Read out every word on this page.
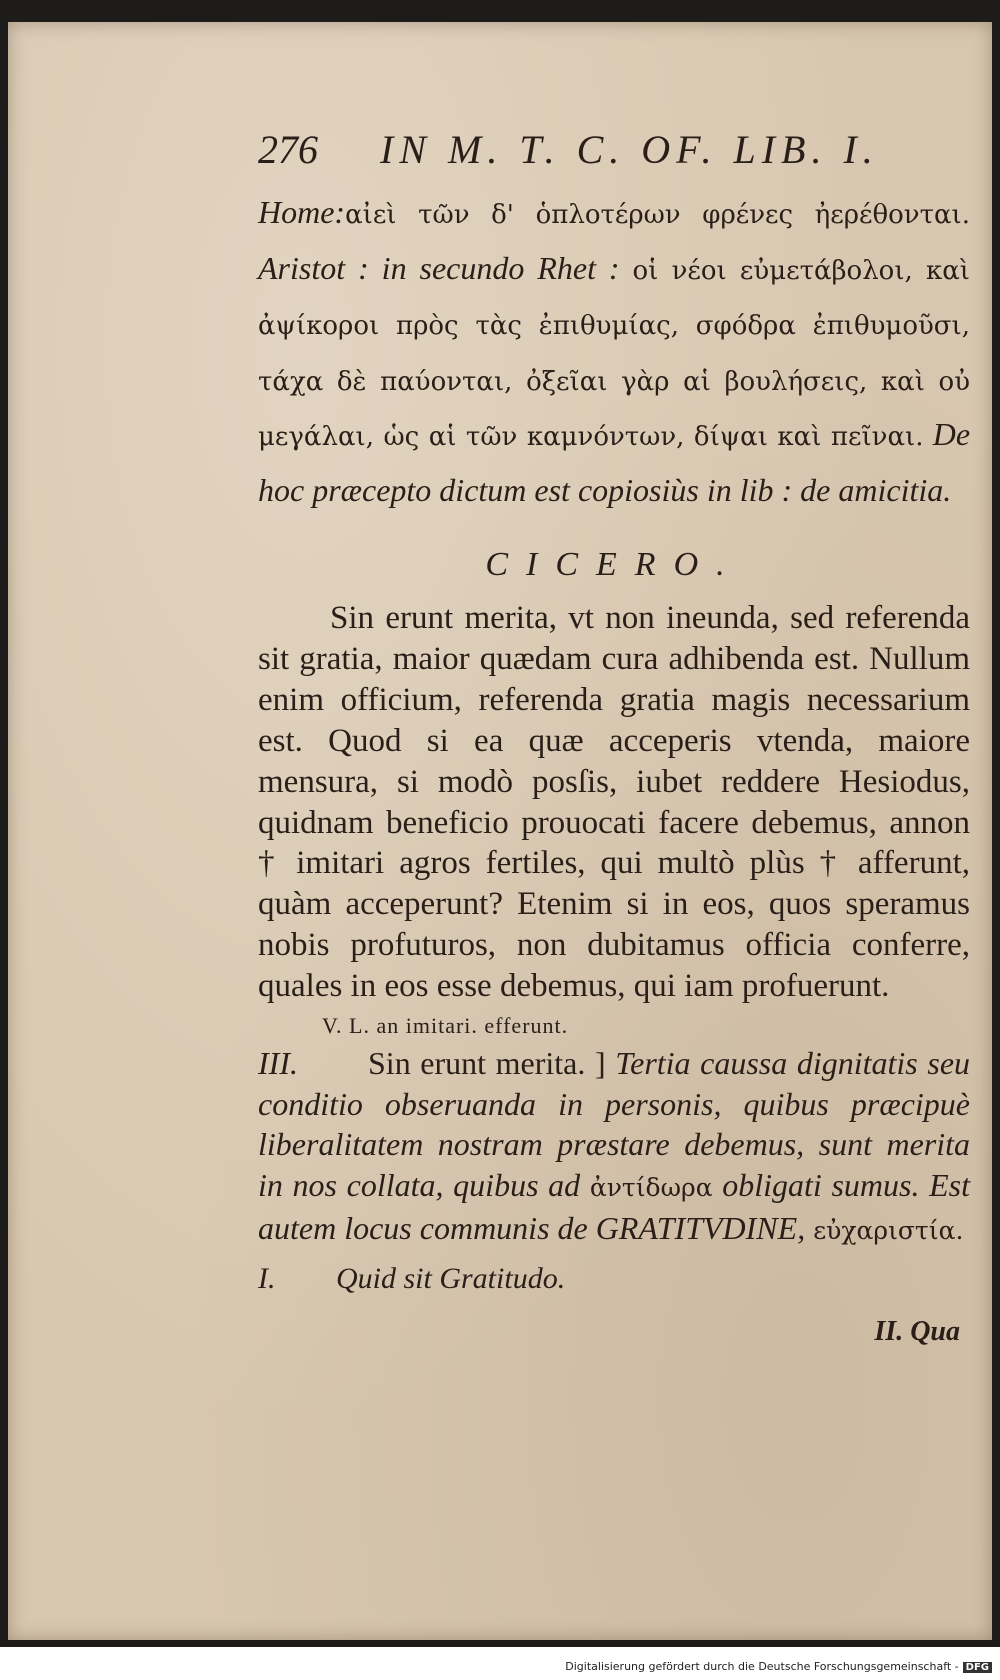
276 IN M. T. C. OF. LIB. I.

Home:αἰεὶ τῶν δ' ὁπλοτέρων φρένες ἠερέθονται. Aristot : in secundo Rhet : οἱ νέοι εὐμετάβολοι, καὶ ἀψίκοροι πρὸς τὰς ἐπιθυμίας, σφόδρα ἐπιθυμοῦσι, τάχα δὲ παύονται, ὀξεῖαι γὰρ αἱ βουλήσεις, καὶ οὐ μεγάλαι, ὡς αἱ τῶν καμνόντων, δίψαι καὶ πεῖναι. De hoc præcepto dictum est copiosiùs in lib : de amicitia.

CICERO.

Sin erunt merita, vt non ineunda, sed referenda sit gratia, maior quædam cura adhibenda est. Nullum enim officium, referenda gratia magis necessarium est. Quod si ea quæ acceperis vtenda, maiore mensura, si modò posſis, iubet reddere Hesiodus, quidnam beneficio prouocati facere debemus, annon † imitari agros fertiles, qui multò plùs † afferunt, quàm acceperunt? Etenim si in eos, quos speramus nobis profuturos, non dubitamus officia conferre, quales in eos esse debemus, qui iam profuerunt.

V. L. an imitari. efferunt.

III. Sin erunt merita. ] Tertia caussa dignitatis seu conditio obseruanda in personis, quibus præcipuè liberalitatem nostram præstare debemus, sunt merita in nos collata, quibus ad ἀντίδωρα obligati sumus. Est autem locus communis de GRATITVDINE, εὐχαριστία.

I. Quid sit Gratitudo.
II. Qua
Digitalisierung gefördert durch die Deutsche Forschungsgemeinschaft - DFG
